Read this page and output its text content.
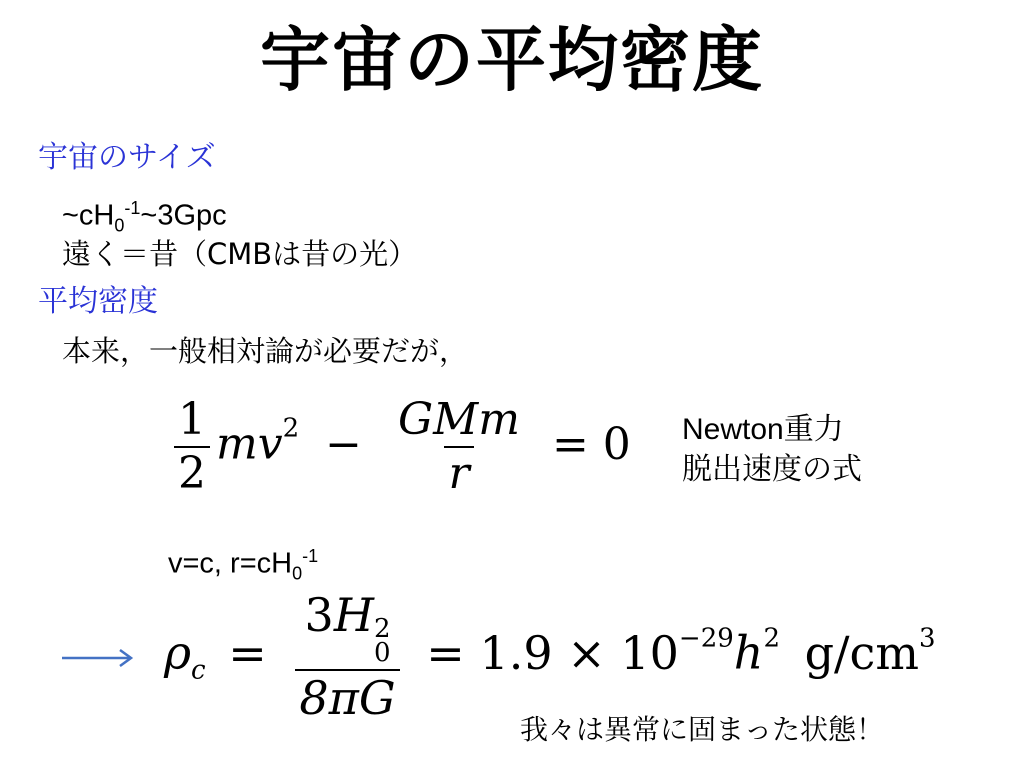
宇宙の平均密度
宇宙のサイズ
$\sim cH_0^{-1}\sim 3Gpc$
遠く＝昔（CMBは昔の光）
平均密度
本来，一般相対論が必要だが，
$\frac{1}{2} mv^2 - \frac{\text{GMm}}{r} = 0$ Newton重力
脱出速度の式
v=c, $r=cH_0^{-1}$
$\rho_c = 3H$ 2
0
$8\pi G = 1.9 \times 10^{-29}h^2$ $g/cm^3$
我々は異常に固まった状態！
